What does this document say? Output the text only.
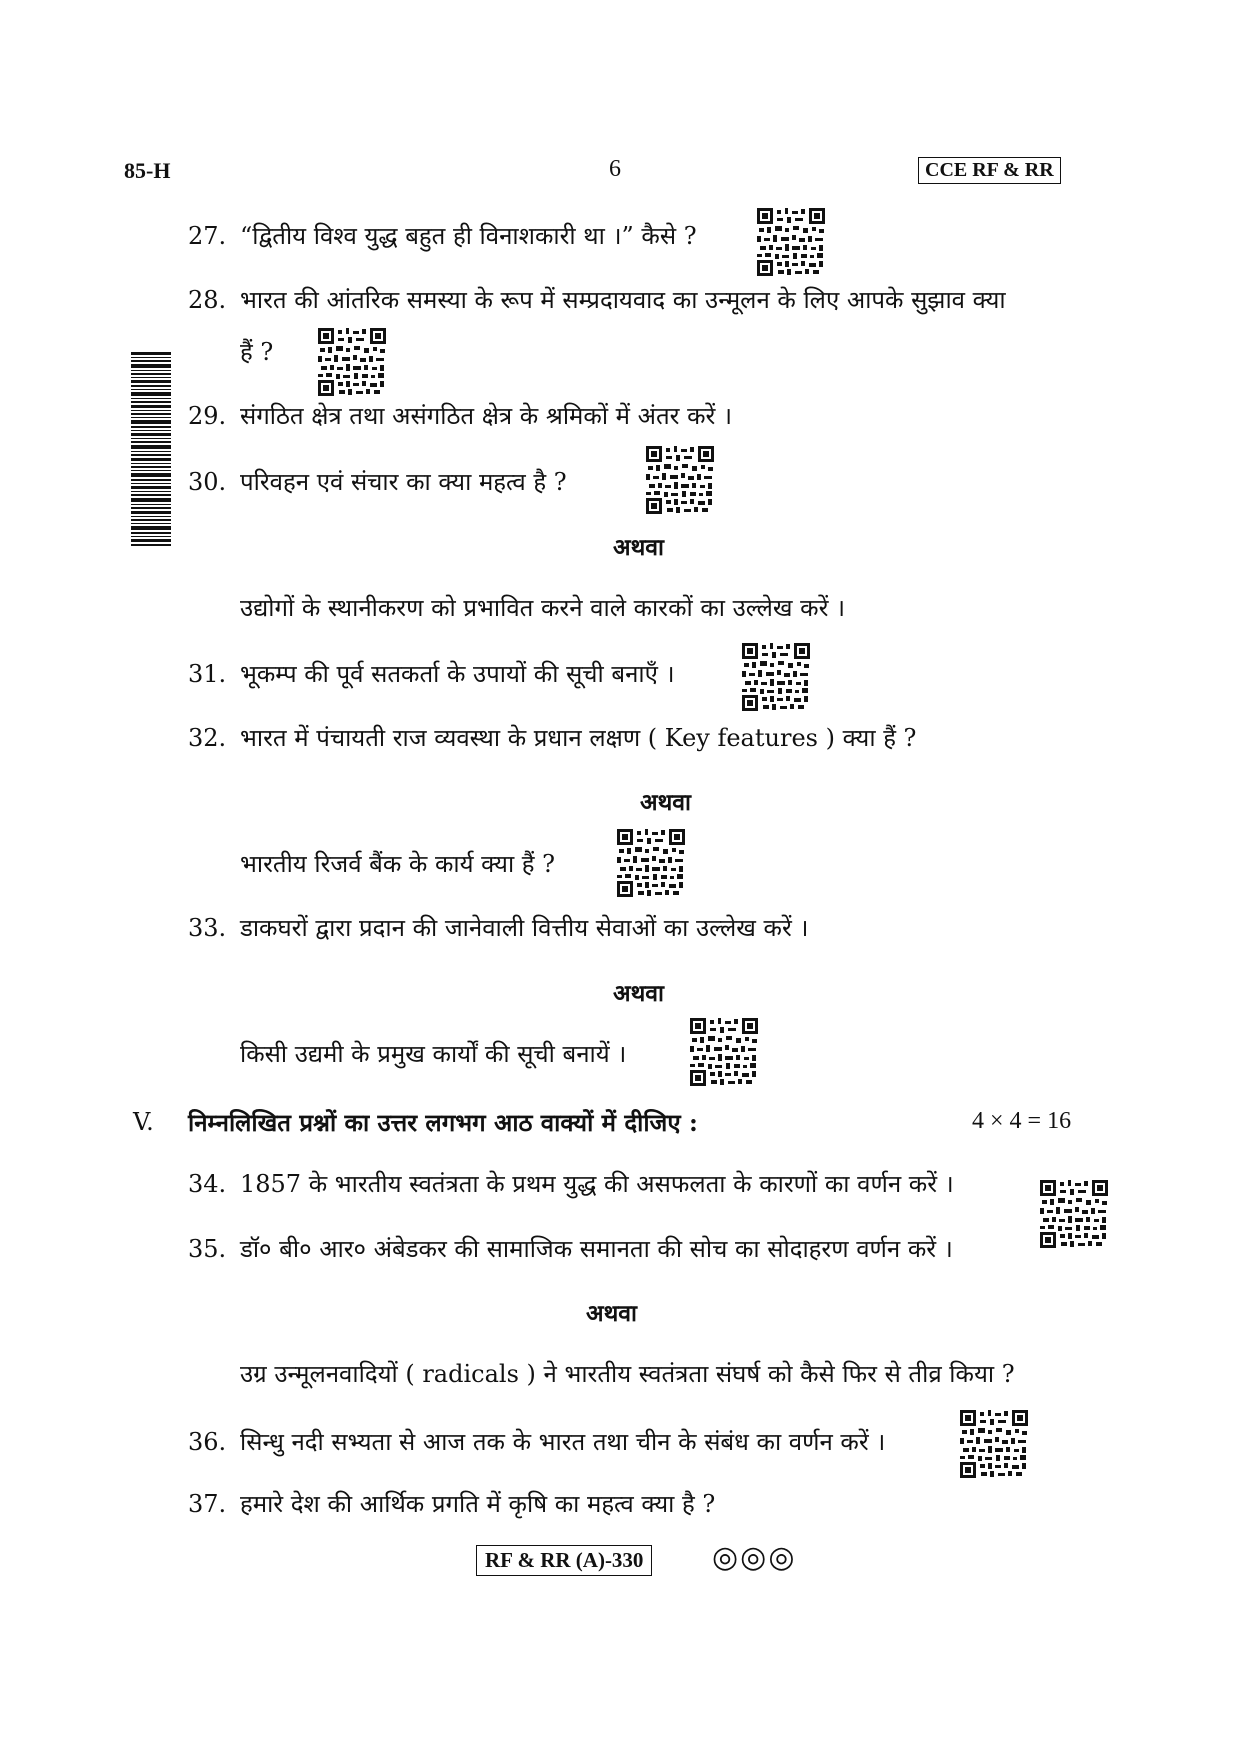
85-H	6	CCE RF & RR
27. “द्वितीय विश्व युद्ध बहुत ही विनाशकारी था ।” कैसे ?
28. भारत की आंतरिक समस्या के रूप में सम्प्रदायवाद का उन्मूलन के लिए आपके सुझाव क्या
हैं ?
29. संगठित क्षेत्र तथा असंगठित क्षेत्र के श्रमिकों में अंतर करें ।
30. परिवहन एवं संचार का क्या महत्व है ?
अथवा
उद्योगों के स्थानीकरण को प्रभावित करने वाले कारकों का उल्लेख करें ।
31. भूकम्प की पूर्व सतकर्ता के उपायों की सूची बनाएँ ।
32. भारत में पंचायती राज व्यवस्था के प्रधान लक्षण ( Key features ) क्या हैं ?
अथवा
भारतीय रिजर्व बैंक के कार्य क्या हैं ?
33. डाकघरों द्वारा प्रदान की जानेवाली वित्तीय सेवाओं का उल्लेख करें ।
अथवा
किसी उद्यमी के प्रमुख कार्यों की सूची बनायें ।
V. निम्नलिखित प्रश्नों का उत्तर लगभग आठ वाक्यों में दीजिए :	4 × 4 = 16
34. 1857 के भारतीय स्वतंत्रता के प्रथम युद्ध की असफलता के कारणों का वर्णन करें ।
35. डॉ० बी० आर० अंबेडकर की सामाजिक समानता की सोच का सोदाहरण वर्णन करें ।
अथवा
उग्र उन्मूलनवादियों ( radicals ) ने भारतीय स्वतंत्रता संघर्ष को कैसे फिर से तीव्र किया ?
36. सिन्धु नदी सभ्यता से आज तक के भारत तथा चीन के संबंध का वर्णन करें ।
37. हमारे देश की आर्थिक प्रगति में कृषि का महत्व क्या है ?
RF & RR (A)-330	◎◎◎
